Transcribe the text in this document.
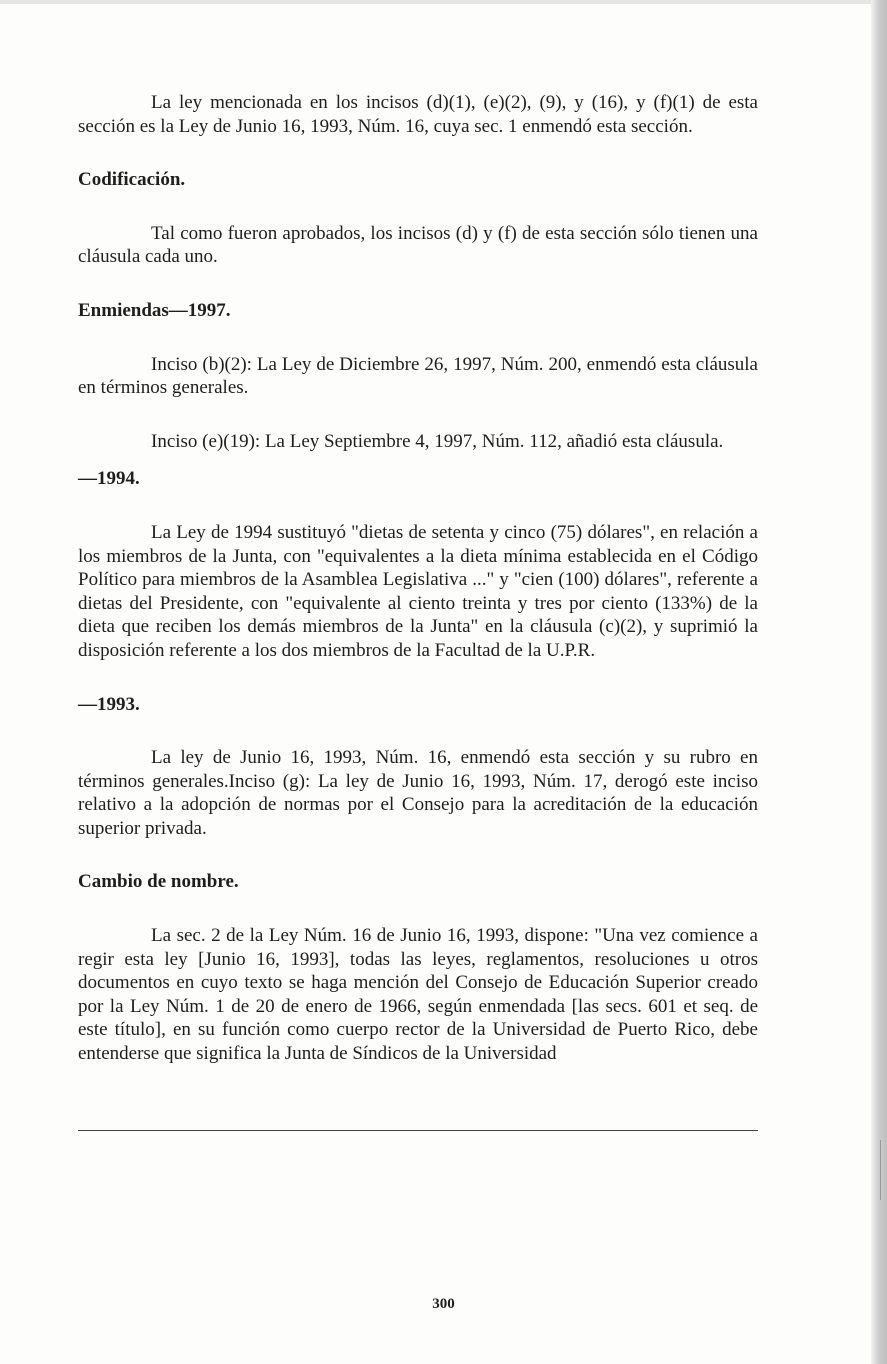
La ley mencionada en los incisos (d)(1), (e)(2), (9), y (16), y (f)(1) de esta sección es la Ley de Junio 16, 1993, Núm. 16, cuya sec. 1 enmendó esta sección.

Codificación.

Tal como fueron aprobados, los incisos (d) y (f) de esta sección sólo tienen una cláusula cada uno.

Enmiendas—1997.

Inciso (b)(2): La Ley de Diciembre 26, 1997, Núm. 200, enmendó esta cláusula en términos generales.

Inciso (e)(19): La Ley Septiembre 4, 1997, Núm. 112, añadió esta cláusula.

—1994.

La Ley de 1994 sustituyó "dietas de setenta y cinco (75) dólares", en relación a los miembros de la Junta, con "equivalentes a la dieta mínima establecida en el Código Político para miembros de la Asamblea Legislativa ..." y "cien (100) dólares", referente a dietas del Presidente, con "equivalente al ciento treinta y tres por ciento (133%) de la dieta que reciben los demás miembros de la Junta" en la cláusula (c)(2), y suprimió la disposición referente a los dos miembros de la Facultad de la U.P.R.

—1993.

La ley de Junio 16, 1993, Núm. 16, enmendó esta sección y su rubro en términos generales.Inciso (g): La ley de Junio 16, 1993, Núm. 17, derogó este inciso relativo a la adopción de normas por el Consejo para la acreditación de la educación superior privada.

Cambio de nombre.

La sec. 2 de la Ley Núm. 16 de Junio 16, 1993, dispone: "Una vez comience a regir esta ley [Junio 16, 1993], todas las leyes, reglamentos, resoluciones u otros documentos en cuyo texto se haga mención del Consejo de Educación Superior creado por la Ley Núm. 1 de 20 de enero de 1966, según enmendada [las secs. 601 et seq. de este título], en su función como cuerpo rector de la Universidad de Puerto Rico, debe entenderse que significa la Junta de Síndicos de la Universidad

300
